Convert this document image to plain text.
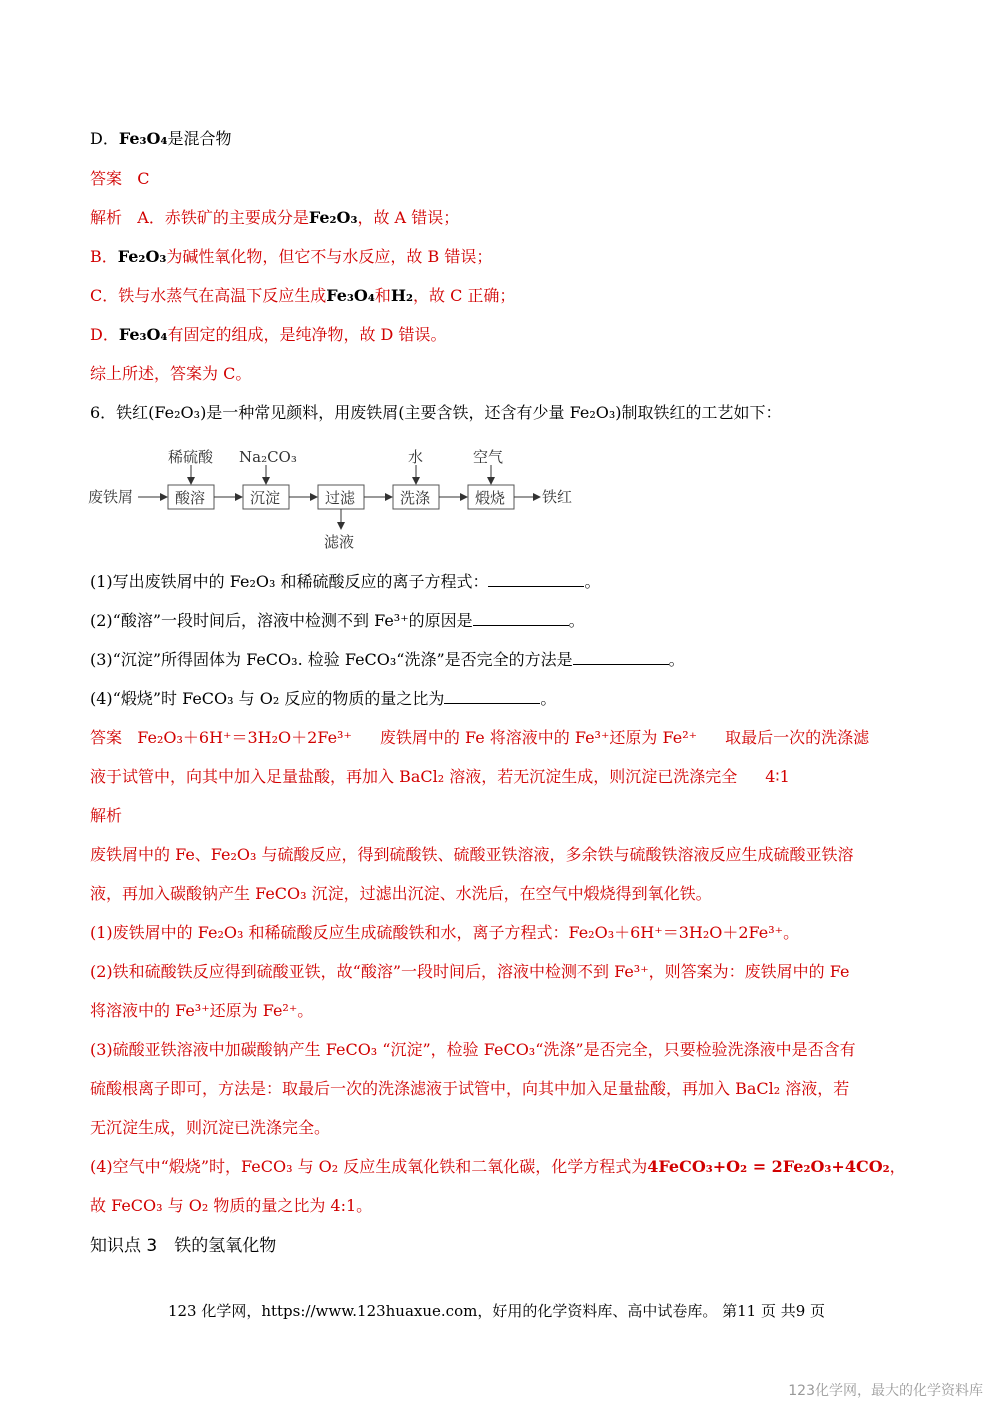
D．Fe₃O₄是混合物
答案 C
解析 A．赤铁矿的主要成分是Fe₂O₃，故 A 错误；
B．Fe₂O₃为碱性氧化物，但它不与水反应，故 B 错误；
C．铁与水蒸气在高温下反应生成Fe₃O₄和H₂，故 C 正确；
D．Fe₃O₄有固定的组成，是纯净物，故 D 错误。
综上所述，答案为 C。
6．铁红(Fe₂O₃)是一种常见颜料，用废铁屑(主要含铁，还含有少量 Fe₂O₃)制取铁红的工艺如下：
废铁屑	酸溶
稀硫酸
沉淀
Na₂CO₃
过滤
滤液
洗涤
水
煅烧
空气
铁红
(1)写出废铁屑中的 Fe₂O₃ 和稀硫酸反应的离子方程式：	。
(2)“酸溶”一段时间后，溶液中检测不到 Fe³⁺的原因是	。
(3)“沉淀”所得固体为 FeCO₃. 检验 FeCO₃“洗涤”是否完全的方法是	。
(4)“煅烧”时 FeCO₃ 与 O₂ 反应的物质的量之比为	。
答案 Fe₂O₃＋6H⁺＝3H₂O＋2Fe³⁺ 废铁屑中的 Fe 将溶液中的 Fe³⁺还原为 Fe²⁺ 取最后一次的洗涤滤
液于试管中，向其中加入足量盐酸，再加入 BaCl₂ 溶液，若无沉淀生成，则沉淀已洗涤完全 4∶1
解析
废铁屑中的 Fe、Fe₂O₃ 与硫酸反应，得到硫酸铁、硫酸亚铁溶液，多余铁与硫酸铁溶液反应生成硫酸亚铁溶
液，再加入碳酸钠产生 FeCO₃ 沉淀，过滤出沉淀、水洗后，在空气中煅烧得到氧化铁。
(1)废铁屑中的 Fe₂O₃ 和稀硫酸反应生成硫酸铁和水，离子方程式：Fe₂O₃＋6H⁺＝3H₂O＋2Fe³⁺。
(2)铁和硫酸铁反应得到硫酸亚铁，故“酸溶”一段时间后，溶液中检测不到 Fe³⁺，则答案为：废铁屑中的 Fe
将溶液中的 Fe³⁺还原为 Fe²⁺。
(3)硫酸亚铁溶液中加碳酸钠产生 FeCO₃ “沉淀”，检验 FeCO₃“洗涤”是否完全，只要检验洗涤液中是否含有
硫酸根离子即可，方法是：取最后一次的洗涤滤液于试管中，向其中加入足量盐酸，再加入 BaCl₂ 溶液，若
无沉淀生成，则沉淀已洗涤完全。
(4)空气中“煅烧”时，FeCO₃ 与 O₂ 反应生成氧化铁和二氧化碳，化学方程式为4FeCO₃+O₂ = 2Fe₂O₃+4CO₂，
故 FeCO₃ 与 O₂ 物质的量之比为 4:1。
知识点 3　铁的氢氧化物
123 化学网，https://www.123huaxue.com，好用的化学资料库、高中试卷库。 第11 页 共9 页
123化学网，最大的化学资料库
